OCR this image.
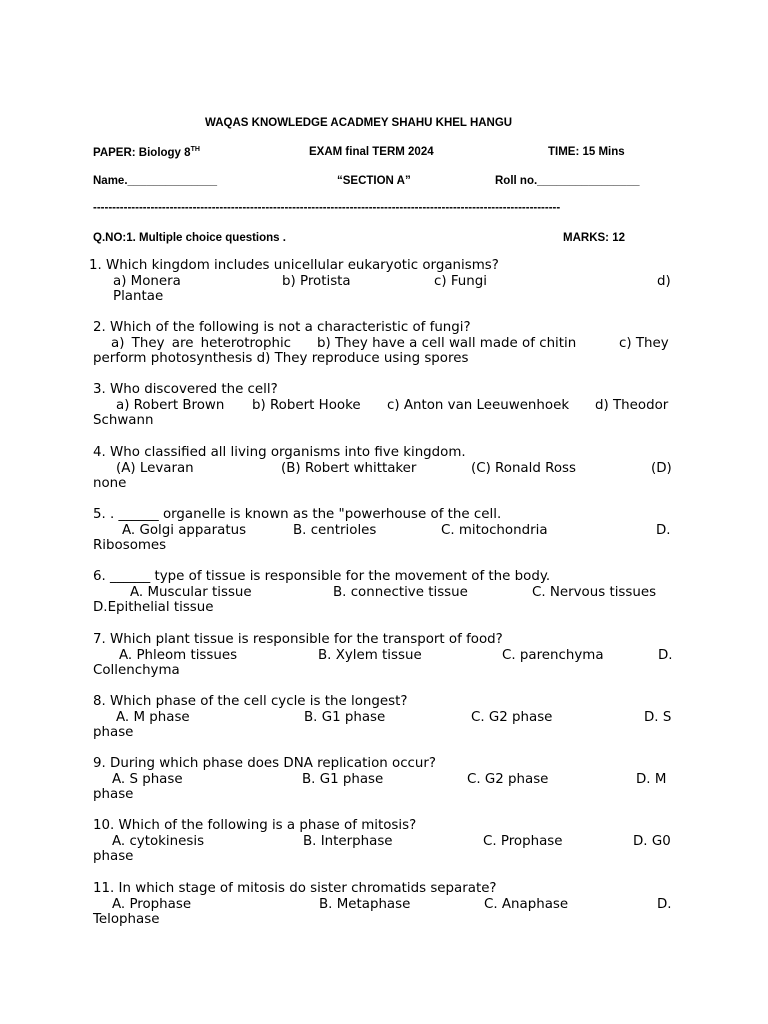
WAQAS KNOWLEDGE ACADMEY SHAHU KHEL HANGU
PAPER: Biology 8TH	EXAM final TERM 2024	TIME: 15 Mins
Name.______________	“SECTION A”	Roll no.________________
--------------------------------------------------------------------------------------------------------------------------
Q.NO:1. Multiple choice questions .	MARKS: 12
1. Which kingdom includes unicellular eukaryotic organisms?
a) Monera	b) Protista	c) Fungi	d)
Plantae
2. Which of the following is not a characteristic of fungi?
a) They are heterotrophic b) They have a cell wall made of chitin	c) They
perform photosynthesis d) They reproduce using spores
3. Who discovered the cell?
a) Robert Brown b) Robert Hooke c) Anton van Leeuwenhoek d) Theodor
Schwann
4. Who classified all living organisms into five kingdom.
(A) Levaran	(B) Robert whittaker	(C) Ronald Ross	(D)
none
5. . ______ organelle is known as the "powerhouse of the cell.
A. Golgi apparatus	B. centrioles	C. mitochondria	D.
Ribosomes
6. ______ type of tissue is responsible for the movement of the body.
A. Muscular tissue	B. connective tissue	C. Nervous tissues
D.Epithelial tissue
7. Which plant tissue is responsible for the transport of food?
A. Phleom tissues	B. Xylem tissue	C. parenchyma	D.
Collenchyma
8. Which phase of the cell cycle is the longest?
A. M phase	B. G1 phase	C. G2 phase	D. S
phase
9. During which phase does DNA replication occur?
A. S phase	B. G1 phase	C. G2 phase	D. M
phase
10. Which of the following is a phase of mitosis?
A. cytokinesis	B. Interphase	C. Prophase	D. G0
phase
11. In which stage of mitosis do sister chromatids separate?
A. Prophase	B. Metaphase	C. Anaphase	D.
Telophase
